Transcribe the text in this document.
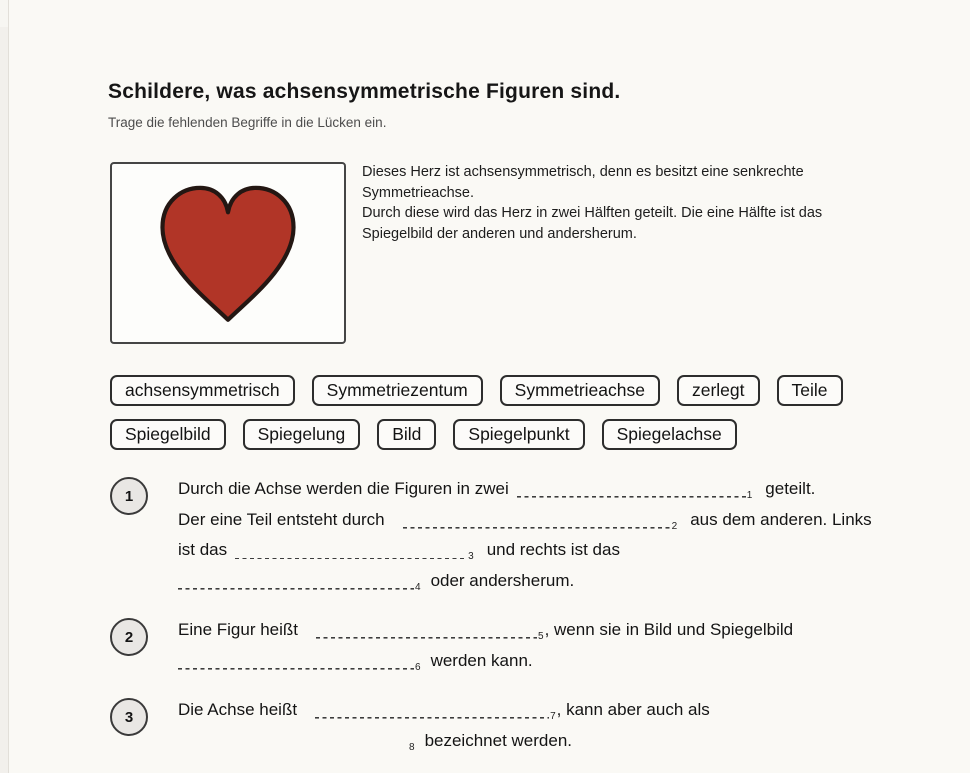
Schildere, was achsensymmetrische Figuren sind.

Trage die fehlenden Begriffe in die Lücken ein.

Dieses Herz ist achsensymmetrisch, denn es besitzt eine senkrechte Symmetrieachse.

Durch diese wird das Herz in zwei Hälften geteilt. Die eine Hälfte ist das Spiegelbild der anderen und andersherum.

achsensymmetrisch	Symmetriezentum	Symmetrieachse	zerlegt	Teile
Spiegelbild	Spiegelung	Bild	Spiegelpunkt	Spiegelachse
1	Durch die Achse werden die Figuren in zwei	$_1$ geteilt.
Der eine Teil entsteht durch	$_2$ aus dem anderen. Links
ist das	$_3$ und rechts ist das
$_4$ oder andersherum.
2	Eine Figur heißt	$_5$, wenn sie in Bild und Spiegelbild
$_6$ werden kann.
3	Die Achse heißt	$_7$, kann aber auch als
$_8$ bezeichnet werden.
